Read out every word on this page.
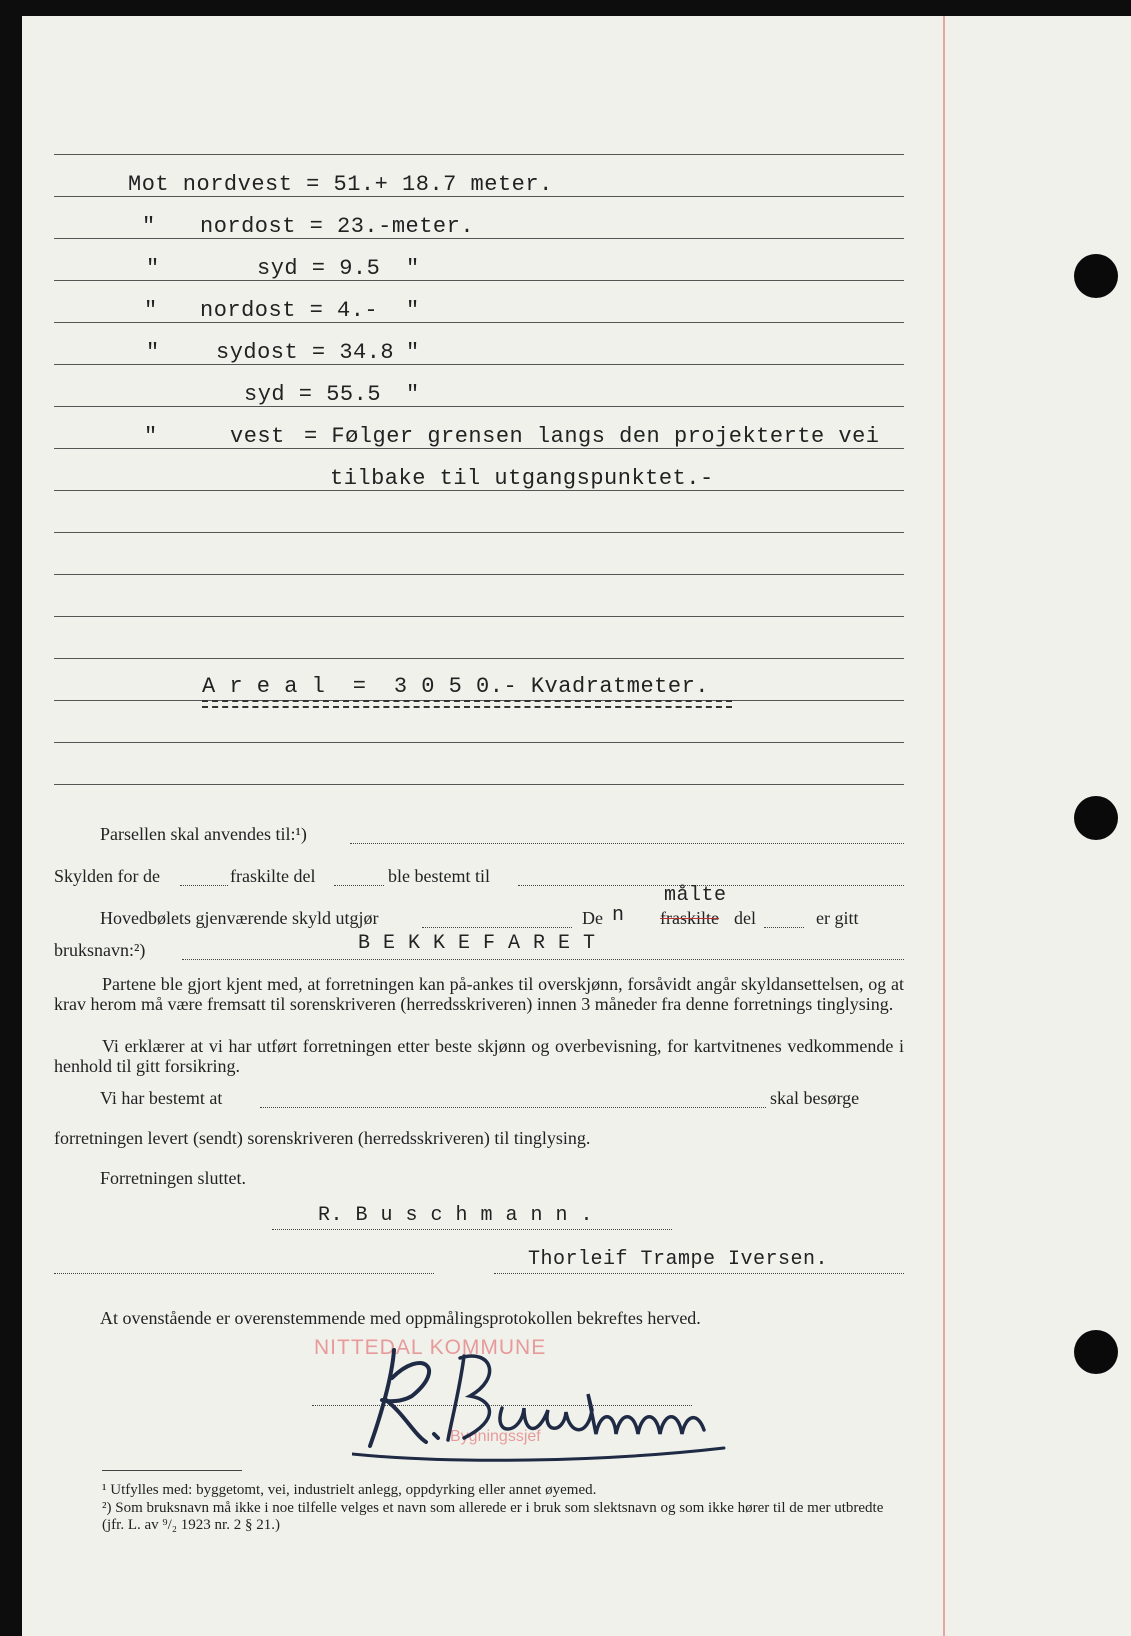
Mot nordvest = 51.+ 18.7 meter.
" nordost = 23.-meter.
"	syd = 9.5 "
" nordost = 4.- "
"	sydost = 34.8 "
syd = 55.5 "
"	vest = Følger grensen langs den projekterte vei
tilbake til utgangspunktet.-
A r e a l  =  3 0 5 0.- Kvadratmeter.
Parsellen skal anvendes til:¹)
Skylden for de	fraskilte del	ble bestemt til
Hovedbølets gjenværende skyld utgjør	De n
målte
fraskilte del	er gitt
bruksnavn:²)	B E K K E F A R E T
Partene ble gjort kjent med, at forretningen kan på-ankes til overskjønn, forsåvidt angår skyldansettelsen, og at krav herom må være fremsatt til sorenskriveren (herredsskriveren) innen 3 måneder fra denne forretnings tinglysing.
Vi erklærer at vi har utført forretningen etter beste skjønn og overbevisning, for kartvitnenes vedkommende i henhold til gitt forsikring.
Vi har bestemt at	skal besørge
forretningen levert (sendt) sorenskriveren (herredsskriveren) til tinglysing.
Forretningen sluttet.
R. B u s c h m a n n .
Thorleif Trampe Iversen.
At ovenstående er overenstemmende med oppmålingsprotokollen bekreftes herved.
NITTEDAL KOMMUNE
Bygningssjef
¹ Utfylles med: byggetomt, vei, industrielt anlegg, oppdyrking eller annet øyemed.
²) Som bruksnavn må ikke i noe tilfelle velges et navn som allerede er i bruk som slektsnavn og som ikke hører til de mer utbredte (jfr. L. av ⁹/₂ 1923 nr. 2 § 21.)
